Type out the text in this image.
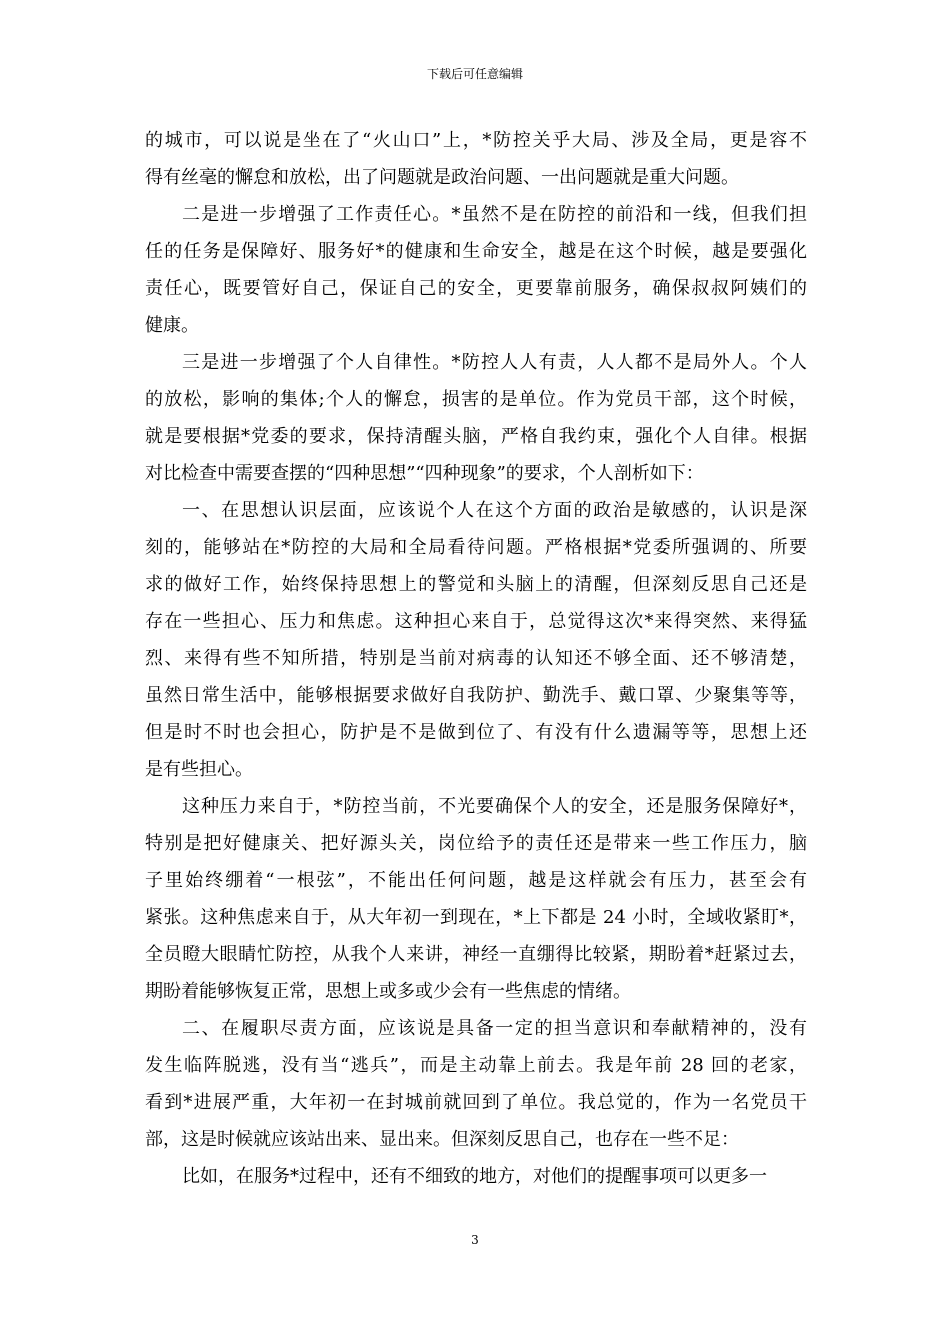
下载后可任意编辑
的城市，可以说是坐在了“火山口”上，*防控关乎大局、涉及全局，更是容不
得有丝毫的懈怠和放松，出了问题就是政治问题、一出问题就是重大问题。
二是进一步增强了工作责任心。*虽然不是在防控的前沿和一线，但我们担
任的任务是保障好、服务好*的健康和生命安全，越是在这个时候，越是要强化
责任心，既要管好自己，保证自己的安全，更要靠前服务，确保叔叔阿姨们的
健康。
三是进一步增强了个人自律性。*防控人人有责，人人都不是局外人。个人
的放松，影响的集体;个人的懈怠，损害的是单位。作为党员干部，这个时候，
就是要根据*党委的要求，保持清醒头脑，严格自我约束，强化个人自律。根据
对比检查中需要查摆的“四种思想”“四种现象”的要求，个人剖析如下：
一、在思想认识层面，应该说个人在这个方面的政治是敏感的，认识是深
刻的，能够站在*防控的大局和全局看待问题。严格根据*党委所强调的、所要
求的做好工作，始终保持思想上的警觉和头脑上的清醒，但深刻反思自己还是
存在一些担心、压力和焦虑。这种担心来自于，总觉得这次*来得突然、来得猛
烈、来得有些不知所措，特别是当前对病毒的认知还不够全面、还不够清楚，
虽然日常生活中，能够根据要求做好自我防护、勤洗手、戴口罩、少聚集等等，
但是时不时也会担心，防护是不是做到位了、有没有什么遗漏等等，思想上还
是有些担心。
这种压力来自于，*防控当前，不光要确保个人的安全，还是服务保障好*，
特别是把好健康关、把好源头关，岗位给予的责任还是带来一些工作压力，脑
子里始终绷着“一根弦”，不能出任何问题，越是这样就会有压力，甚至会有
紧张。这种焦虑来自于，从大年初一到现在，*上下都是 24 小时，全域收紧盯*，
全员瞪大眼睛忙防控，从我个人来讲，神经一直绷得比较紧，期盼着*赶紧过去，
期盼着能够恢复正常，思想上或多或少会有一些焦虑的情绪。
二、在履职尽责方面，应该说是具备一定的担当意识和奉献精神的，没有
发生临阵脱逃，没有当“逃兵”，而是主动靠上前去。我是年前 28 回的老家，
看到*进展严重，大年初一在封城前就回到了单位。我总觉的，作为一名党员干
部，这是时候就应该站出来、显出来。但深刻反思自己，也存在一些不足：
比如，在服务*过程中，还有不细致的地方，对他们的提醒事项可以更多一
3
